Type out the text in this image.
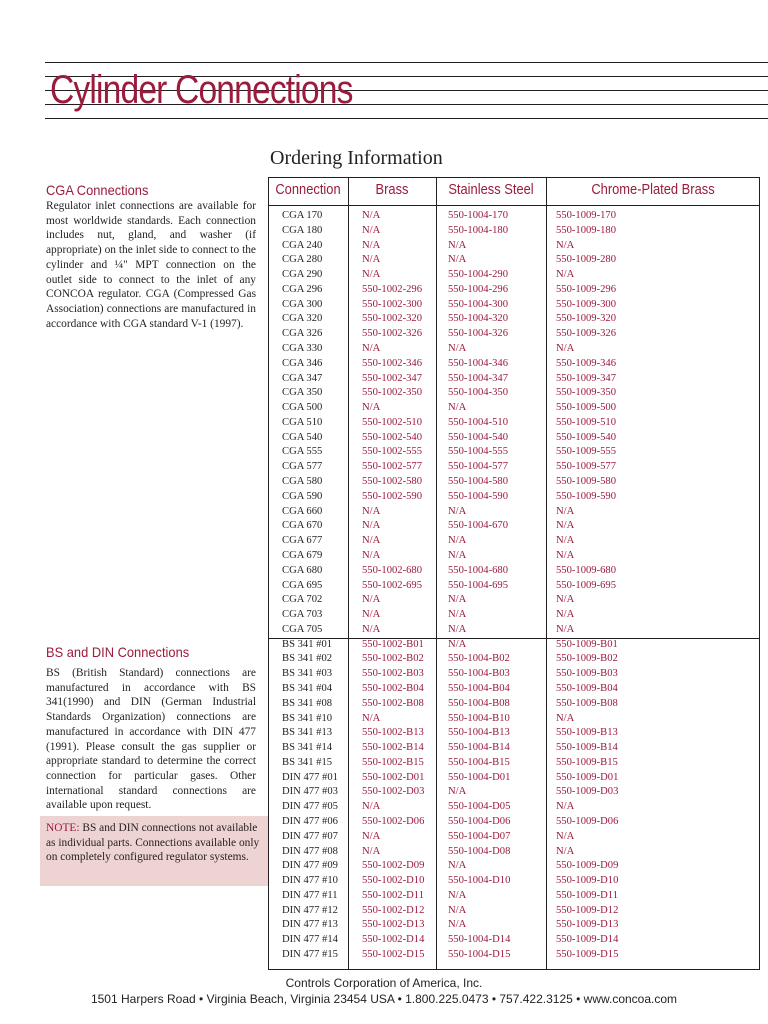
Cylinder Connections
Ordering Information
CGA Connections

Regulator inlet connections are available for most worldwide standards. Each connection includes nut, gland, and washer (if appropriate) on the inlet side to connect to the cylinder and ¼" MPT connection on the outlet side to connect to the inlet of any CONCOA regulator. CGA (Compressed Gas Association) connections are manufactured in accordance with CGA standard V-1 (1997).

BS and DIN Connections

BS (British Standard) connections are manufactured in accordance with BS 341(1990) and DIN (German Industrial Standards Organization) connections are manufactured in accordance with DIN 477 (1991). Please consult the gas supplier or appropriate standard to determine the correct connection for particular gases. Other international standard connections are available upon request.

NOTE: BS and DIN connections not available as individual parts. Connections available only on completely configured regulator systems.
Connection	Brass	Stainless Steel	Chrome-Plated Brass
CGA 170	N/A	550-1004-170	550-1009-170
CGA 180	N/A	550-1004-180	550-1009-180
CGA 240	N/A	N/A	N/A
CGA 280	N/A	N/A	550-1009-280
CGA 290	N/A	550-1004-290	N/A
CGA 296	550-1002-296 550-1004-296	550-1009-296
CGA 300	550-1002-300 550-1004-300	550-1009-300
CGA 320	550-1002-320 550-1004-320	550-1009-320
CGA 326	550-1002-326 550-1004-326	550-1009-326
CGA 330	N/A	N/A	N/A
CGA 346	550-1002-346 550-1004-346	550-1009-346
CGA 347	550-1002-347 550-1004-347	550-1009-347
CGA 350	550-1002-350 550-1004-350	550-1009-350
CGA 500	N/A	N/A	550-1009-500
CGA 510	550-1002-510 550-1004-510	550-1009-510
CGA 540	550-1002-540 550-1004-540	550-1009-540
CGA 555	550-1002-555 550-1004-555	550-1009-555
CGA 577	550-1002-577 550-1004-577	550-1009-577
CGA 580	550-1002-580 550-1004-580	550-1009-580
CGA 590	550-1002-590 550-1004-590	550-1009-590
CGA 660	N/A	N/A	N/A
CGA 670	N/A	550-1004-670	N/A
CGA 677	N/A	N/A	N/A
CGA 679	N/A	N/A	N/A
CGA 680	550-1002-680 550-1004-680	550-1009-680
CGA 695	550-1002-695 550-1004-695	550-1009-695
CGA 702	N/A	N/A	N/A
CGA 703	N/A	N/A	N/A
CGA 705	N/A	N/A	N/A
BS 341 #01	550-1002-B01 N/A	550-1009-B01
BS 341 #02	550-1002-B02 550-1004-B02	550-1009-B02
BS 341 #03	550-1002-B03 550-1004-B03	550-1009-B03
BS 341 #04	550-1002-B04 550-1004-B04	550-1009-B04
BS 341 #08	550-1002-B08 550-1004-B08	550-1009-B08
BS 341 #10	N/A	550-1004-B10	N/A
BS 341 #13	550-1002-B13 550-1004-B13	550-1009-B13
BS 341 #14	550-1002-B14 550-1004-B14	550-1009-B14
BS 341 #15	550-1002-B15 550-1004-B15	550-1009-B15
DIN 477 #01 550-1002-D01 550-1004-D01	550-1009-D01
DIN 477 #03 550-1002-D03 N/A	550-1009-D03
DIN 477 #05 N/A	550-1004-D05	N/A
DIN 477 #06 550-1002-D06 550-1004-D06	550-1009-D06
DIN 477 #07 N/A	550-1004-D07	N/A
DIN 477 #08 N/A	550-1004-D08	N/A
DIN 477 #09 550-1002-D09 N/A	550-1009-D09
DIN 477 #10 550-1002-D10 550-1004-D10	550-1009-D10
DIN 477 #11 550-1002-D11 N/A	550-1009-D11
DIN 477 #12 550-1002-D12 N/A	550-1009-D12
DIN 477 #13 550-1002-D13 N/A	550-1009-D13
DIN 477 #14 550-1002-D14 550-1004-D14	550-1009-D14
DIN 477 #15 550-1002-D15 550-1004-D15	550-1009-D15
Controls Corporation of America, Inc.
1501 Harpers Road • Virginia Beach, Virginia 23454 USA • 1.800.225.0473 • 757.422.3125 • www.concoa.com
